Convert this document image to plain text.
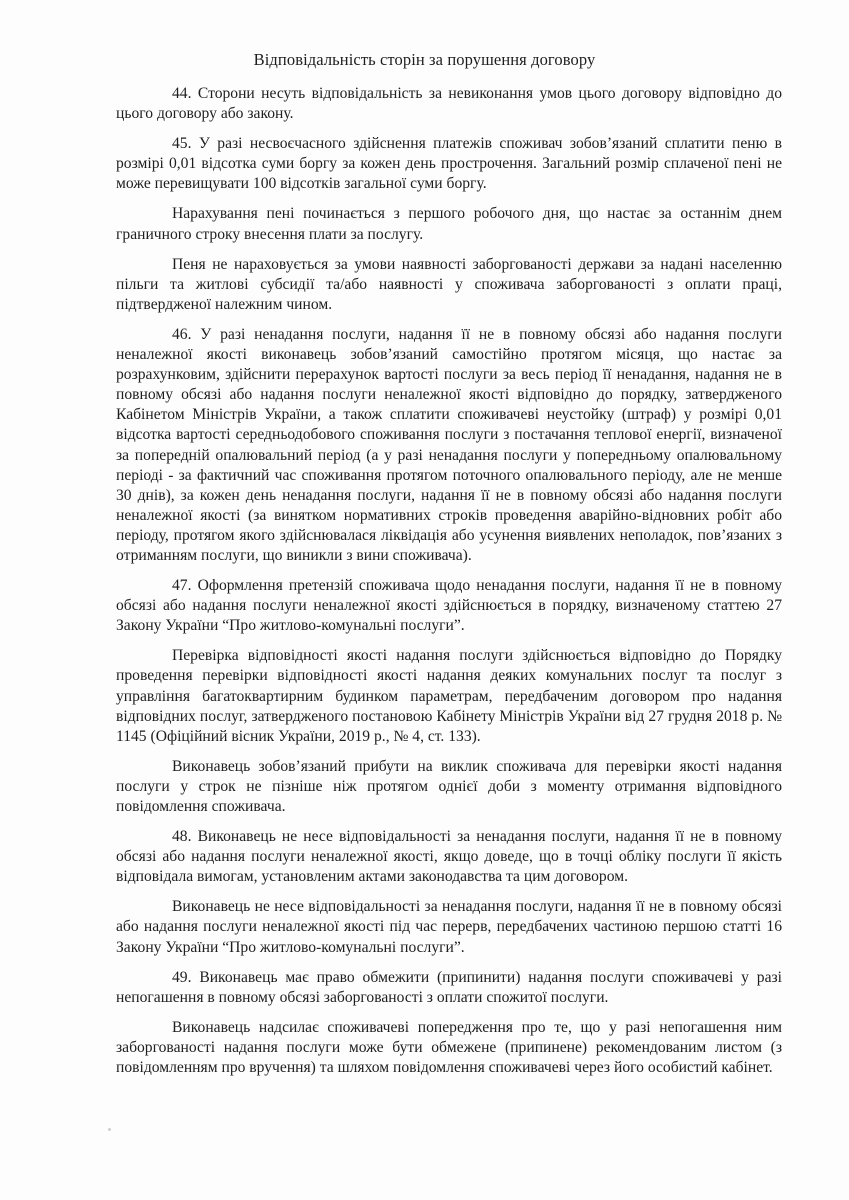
Відповідальність сторін за порушення договору

44. Сторони несуть відповідальність за невиконання умов цього договору відповідно до цього договору або закону.

45. У разі несвоєчасного здійснення платежів споживач зобов’язаний сплатити пеню в розмірі 0,01 відсотка суми боргу за кожен день прострочення. Загальний розмір сплаченої пені не може перевищувати 100 відсотків загальної суми боргу.

Нарахування пені починається з першого робочого дня, що настає за останнім днем граничного строку внесення плати за послугу.

Пеня не нараховується за умови наявності заборгованості держави за надані населенню пільги та житлові субсидії та/або наявності у споживача заборгованості з оплати праці, підтвердженої належним чином.

46. У разі ненадання послуги, надання її не в повному обсязі або надання послуги неналежної якості виконавець зобов’язаний самостійно протягом місяця, що настає за розрахунковим, здійснити перерахунок вартості послуги за весь період її ненадання, надання не в повному обсязі або надання послуги неналежної якості відповідно до порядку, затвердженого Кабінетом Міністрів України, а також сплатити споживачеві неустойку (штраф) у розмірі 0,01 відсотка вартості середньодобового споживання послуги з постачання теплової енергії, визначеної за попередній опалювальний період (а у разі ненадання послуги у попередньому опалювальному періоді - за фактичний час споживання протягом поточного опалювального періоду, але не менше 30 днів), за кожен день ненадання послуги, надання її не в повному обсязі або надання послуги неналежної якості (за винятком нормативних строків проведення аварійно-відновних робіт або періоду, протягом якого здійснювалася ліквідація або усунення виявлених неполадок, пов’язаних з отриманням послуги, що виникли з вини споживача).

47. Оформлення претензій споживача щодо ненадання послуги, надання її не в повному обсязі або надання послуги неналежної якості здійснюється в порядку, визначеному статтею 27 Закону України “Про житлово-комунальні послуги”.

Перевірка відповідності якості надання послуги здійснюється відповідно до Порядку проведення перевірки відповідності якості надання деяких комунальних послуг та послуг з управління багатоквартирним будинком параметрам, передбаченим договором про надання відповідних послуг, затвердженого постановою Кабінету Міністрів України від 27 грудня 2018 р. № 1145 (Офіційний вісник України, 2019 р., № 4, ст. 133).

Виконавець зобов’язаний прибути на виклик споживача для перевірки якості надання послуги у строк не пізніше ніж протягом однієї доби з моменту отримання відповідного повідомлення споживача.

48. Виконавець не несе відповідальності за ненадання послуги, надання її не в повному обсязі або надання послуги неналежної якості, якщо доведе, що в точці обліку послуги її якість відповідала вимогам, установленим актами законодавства та цим договором.

Виконавець не несе відповідальності за ненадання послуги, надання її не в повному обсязі або надання послуги неналежної якості під час перерв, передбачених частиною першою статті 16 Закону України “Про житлово-комунальні послуги”.

49. Виконавець має право обмежити (припинити) надання послуги споживачеві у разі непогашення в повному обсязі заборгованості з оплати спожитої послуги.

Виконавець надсилає споживачеві попередження про те, що у разі непогашення ним заборгованості надання послуги може бути обмежене (припинене) рекомендованим листом (з повідомленням про вручення) та шляхом повідомлення споживачеві через його особистий кабінет.
